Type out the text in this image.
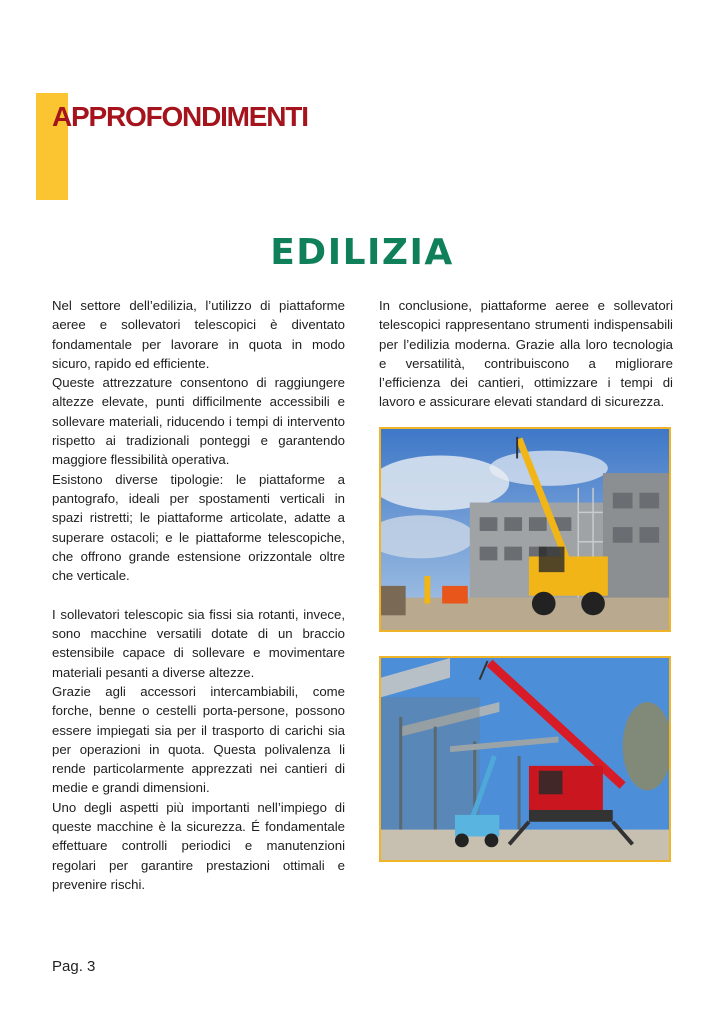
APPROFONDIMENTI
EDILIZIA

Nel settore dell’edilizia, l’utilizzo di piattaforme aeree e sollevatori telescopici è diventato fondamentale per lavorare in quota in modo sicuro, rapido ed efficiente.

Queste attrezzature consentono di raggiungere altezze elevate, punti difficilmente accessibili e sollevare materiali, riducendo i tempi di intervento rispetto ai tradizionali ponteggi e garantendo maggiore flessibilità operativa.

Esistono diverse tipologie: le piattaforme a pantografo, ideali per spostamenti verticali in spazi ristretti; le piattaforme articolate, adatte a superare ostacoli; e le piattaforme telescopiche, che offrono grande estensione orizzontale oltre che verticale.

I sollevatori telescopic sia fissi sia rotanti, invece, sono macchine versatili dotate di un braccio estensibile capace di sollevare e movimentare materiali pesanti a diverse altezze.

Grazie agli accessori intercambiabili, come forche, benne o cestelli porta-persone, possono essere impiegati sia per il trasporto di carichi sia per operazioni in quota. Questa polivalenza li rende particolarmente apprezzati nei cantieri di medie e grandi dimensioni.

Uno degli aspetti più importanti nell’impiego di queste macchine è la sicurezza. É fondamentale effettuare controlli periodici e manutenzioni regolari per garantire prestazioni ottimali e prevenire rischi.

In conclusione, piattaforme aeree e sollevatori telescopici rappresentano strumenti indispensabili per l’edilizia moderna. Grazie alla loro tecnologia e versatilità, contribuiscono a migliorare l’efficienza dei cantieri, ottimizzare i tempi di lavoro e assicurare elevati standard di sicurezza.

Pag. 3
